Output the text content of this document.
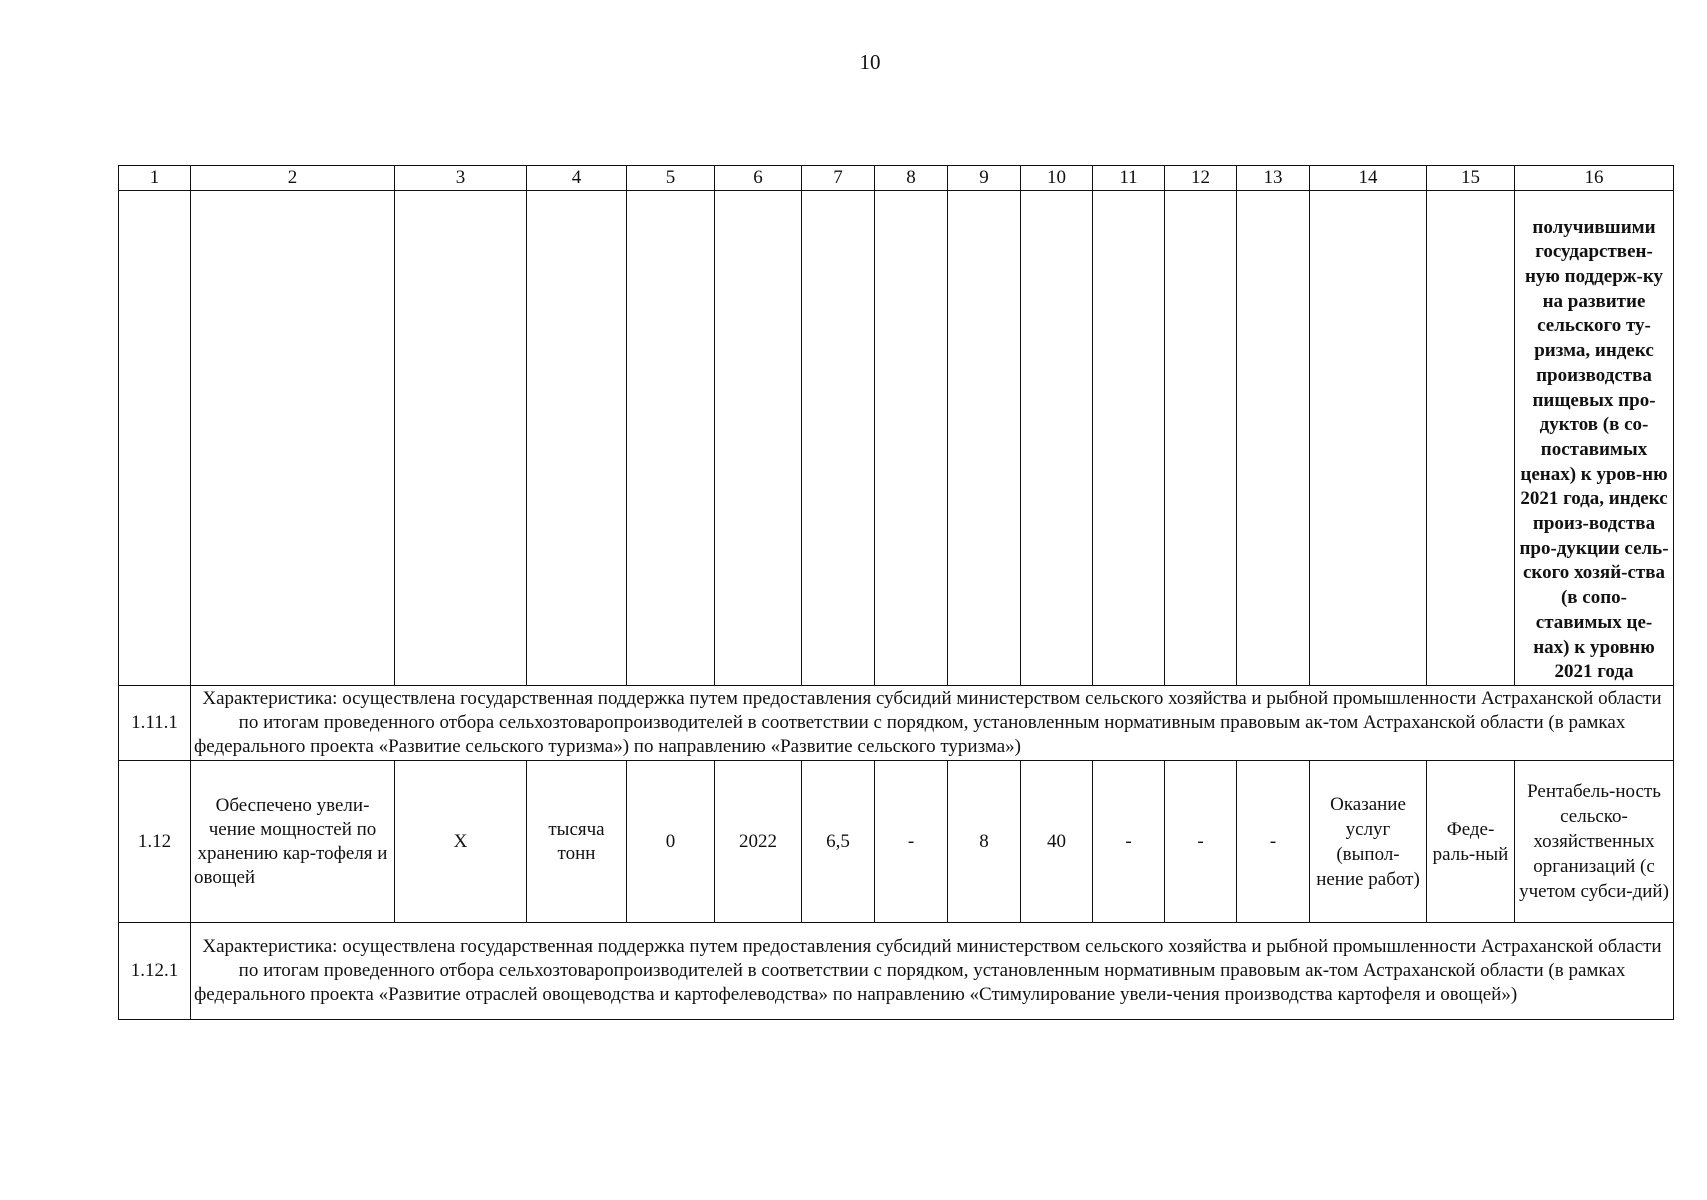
10
1	2	3	4	5	6	7	8	9	10	11	12	13	14	15	16
															получившими государствен-ную поддерж-ку на развитие сельского ту-ризма, индекс производства пищевых про-дуктов (в со-поставимых ценах) к уров-ню 2021 года, индекс произ-водства про-дукции сель-ского хозяй-ства (в сопо-ставимых це-нах) к уровню 2021 года
1.11.1	Характеристика: осуществлена государственная поддержка путем предоставления субсидий министерством сельского хозяйства и рыбной промышленности Астраханской области по итогам проведенного отбора сельхозтоваропроизводителей в соответствии с порядком, установленным нормативным правовым ак-том Астраханской области (в рамках федерального проекта «Развитие сельского туризма») по направлению «Развитие сельского туризма»)														
1.12	Обеспечено увели-чение мощностей по хранению кар-тофеля и овощей	X	тысяча тонн	0	2022	6,5	-	8	40	-	-	-	Оказание услуг (выпол-нение работ)	Феде-раль-ный	Рентабель-ность сельско-хозяйственных организаций (с учетом субси-дий)
1.12.1	Характеристика: осуществлена государственная поддержка путем предоставления субсидий министерством сельского хозяйства и рыбной промышленности Астраханской области по итогам проведенного отбора сельхозтоваропроизводителей в соответствии с порядком, установленным нормативным правовым ак-том Астраханской области (в рамках федерального проекта «Развитие отраслей овощеводства и картофелеводства» по направлению «Стимулирование увели-чения производства картофеля и овощей»)														
